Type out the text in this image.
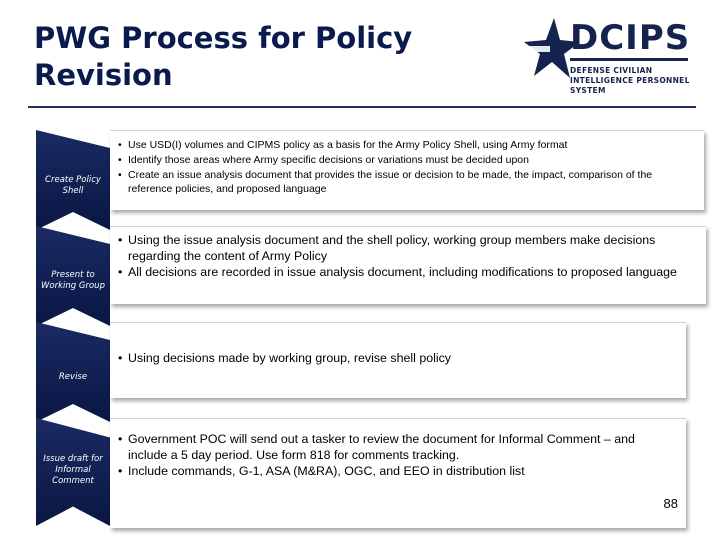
PWG Process for Policy Revision
DCIPS
DEFENSE CIVILIAN INTELLIGENCE PERSONNEL SYSTEM
Create Policy Shell
• Use USD(I) volumes and CIPMS policy as a basis for the Army Policy Shell, using Army format
• Identify those areas where Army specific decisions or variations must be decided upon
• Create an issue analysis document that provides the issue or decision to be made, the impact, comparison of the reference policies, and proposed language
Present to Working Group
• Using the issue analysis document and the shell policy, working group members make decisions regarding the content of Army Policy
• All decisions are recorded in issue analysis document, including modifications to proposed language
Revise
• Using decisions made by working group, revise shell policy
Issue draft for Informal Comment
• Government POC will send out a tasker to review the document for Informal Comment – and include a 5 day period. Use form 818 for comments tracking.
• Include commands, G-1, ASA (M&RA), OGC, and EEO in distribution list
88
